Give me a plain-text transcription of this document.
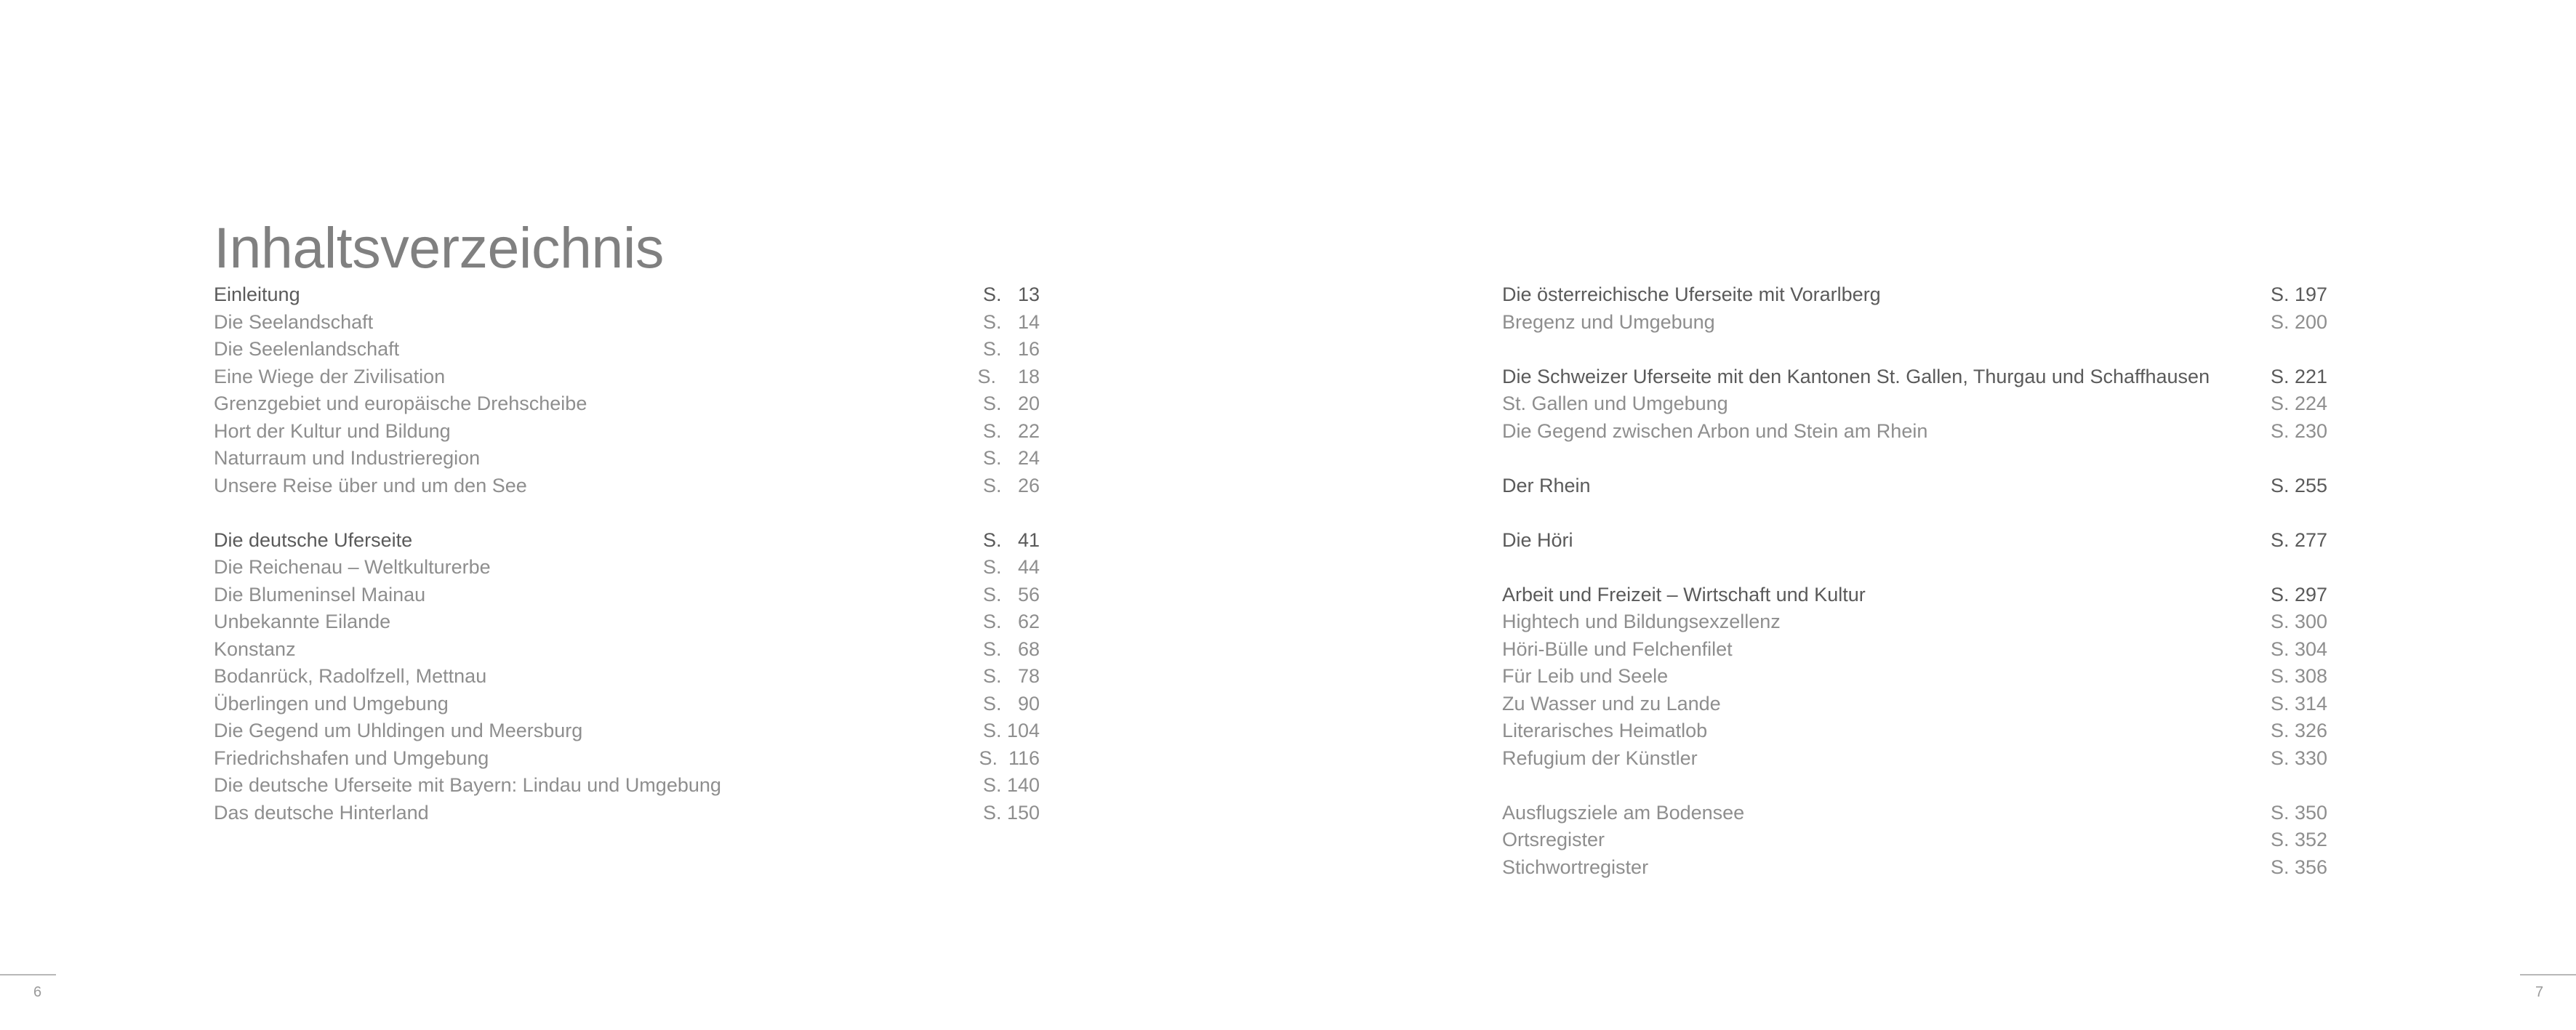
Inhaltsverzeichnis
Einleitung	S.   13
Die Seelandschaft	S.   14
Die Seelenlandschaft	S.   16
Eine Wiege der Zivilisation	S.    18
Grenzgebiet und europäische Drehscheibe	S.   20
Hort der Kultur und Bildung	S.   22
Naturraum und Industrieregion	S.   24
Unsere Reise über und um den See	S.   26
Die deutsche Uferseite	S.   41
Die Reichenau – Weltkulturerbe	S.   44
Die Blumeninsel Mainau	S.   56
Unbekannte Eilande	S.   62
Konstanz	S.   68
Bodanrück, Radolfzell, Mettnau	S.   78
Überlingen und Umgebung	S.   90
Die Gegend um Uhldingen und Meersburg	S. 104
Friedrichshafen und Umgebung	S.  116
Die deutsche Uferseite mit Bayern: Lindau und Umgebung	S. 140
Das deutsche Hinterland	S. 150
Die österreichische Uferseite mit Vorarlberg	S. 197
Bregenz und Umgebung	S. 200
Die Schweizer Uferseite mit den Kantonen St. Gallen, Thurgau und Schaffhausen	S. 221
St. Gallen und Umgebung	S. 224
Die Gegend zwischen Arbon und Stein am Rhein	S. 230
Der Rhein	S. 255
Die Höri	S. 277
Arbeit und Freizeit – Wirtschaft und Kultur	S. 297
Hightech und Bildungsexzellenz	S. 300
Höri-Bülle und Felchenfilet	S. 304
Für Leib und Seele	S. 308
Zu Wasser und zu Lande	S. 314
Literarisches Heimatlob	S. 326
Refugium der Künstler	S. 330
Ausflugsziele am Bodensee	S. 350
Ortsregister	S. 352
Stichwortregister	S. 356
6	7
